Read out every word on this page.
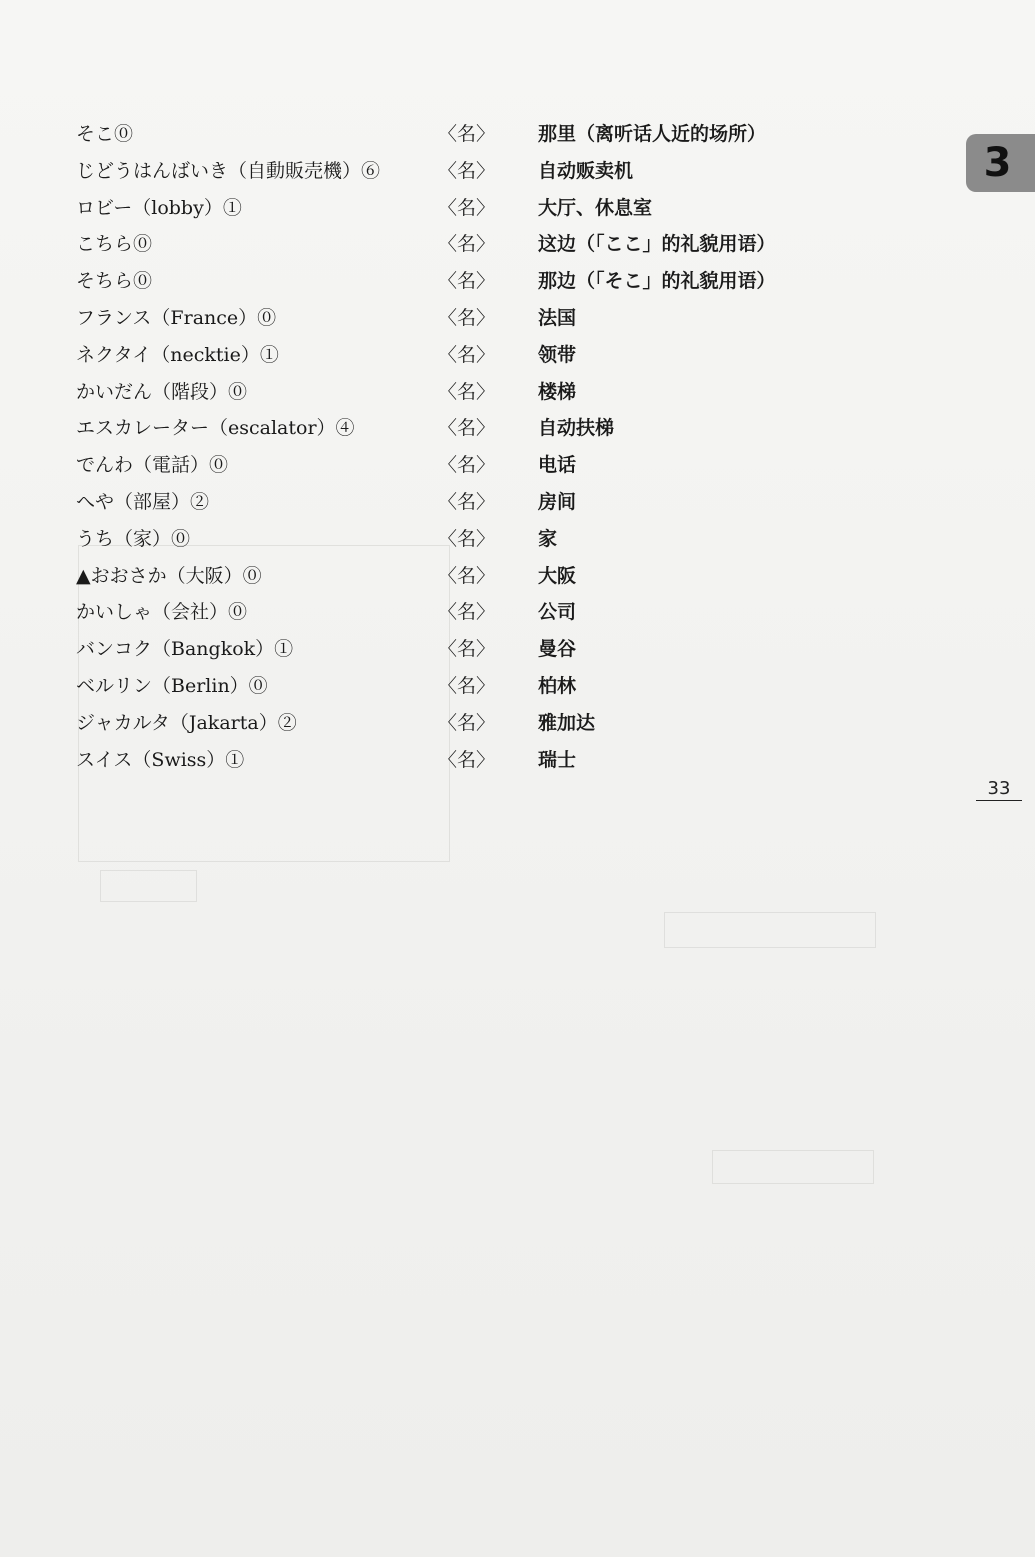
そこ⓪	〈名〉 那里（离听话人近的场所）
じどうはんばいき（自動販売機）⑥	〈名〉 自动贩卖机
ロビー（lobby）①	〈名〉 大厅、休息室
こちら⓪	〈名〉 这边（「ここ」的礼貌用语）
そちら⓪	〈名〉 那边（「そこ」的礼貌用语）
フランス（France）⓪	〈名〉 法国
ネクタイ（necktie）①	〈名〉 领带
かいだん（階段）⓪	〈名〉 楼梯
エスカレーター（escalator）④	〈名〉 自动扶梯
でんわ（電話）⓪	〈名〉 电话
へや（部屋）②	〈名〉 房间
うち（家）⓪	〈名〉 家
▲おおさか（大阪）⓪	〈名〉 大阪
かいしゃ（会社）⓪	〈名〉 公司
バンコク（Bangkok）①	〈名〉 曼谷
ベルリン（Berlin）⓪	〈名〉 柏林
ジャカルタ（Jakarta）②	〈名〉 雅加达
スイス（Swiss）①	〈名〉 瑞士
3
33
